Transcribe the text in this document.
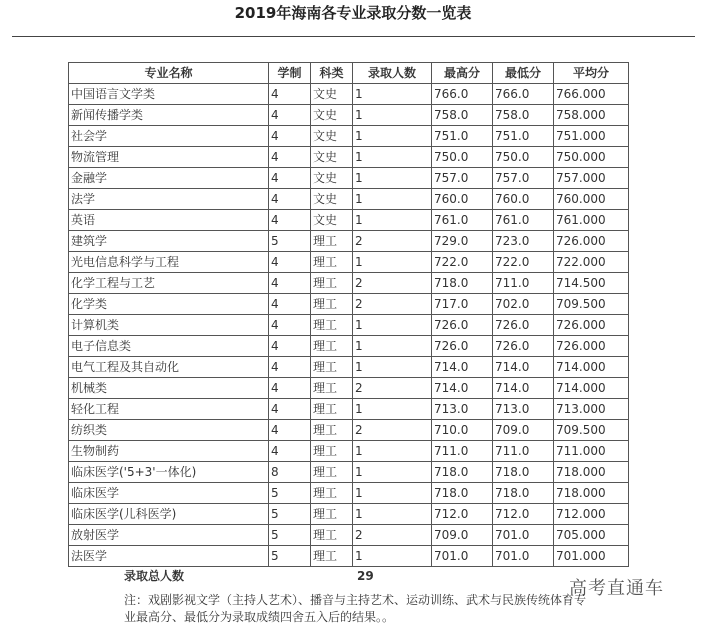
2019年海南各专业录取分数一览表
专业名称	学制	科类	录取人数	最高分	最低分	平均分
中国语言文学类	4	文史	1	766.0	766.0	766.000
新闻传播学类	4	文史	1	758.0	758.0	758.000
社会学	4	文史	1	751.0	751.0	751.000
物流管理	4	文史	1	750.0	750.0	750.000
金融学	4	文史	1	757.0	757.0	757.000
法学	4	文史	1	760.0	760.0	760.000
英语	4	文史	1	761.0	761.0	761.000
建筑学	5	理工	2	729.0	723.0	726.000
光电信息科学与工程	4	理工	1	722.0	722.0	722.000
化学工程与工艺	4	理工	2	718.0	711.0	714.500
化学类	4	理工	2	717.0	702.0	709.500
计算机类	4	理工	1	726.0	726.0	726.000
电子信息类	4	理工	1	726.0	726.0	726.000
电气工程及其自动化	4	理工	1	714.0	714.0	714.000
机械类	4	理工	2	714.0	714.0	714.000
轻化工程	4	理工	1	713.0	713.0	713.000
纺织类	4	理工	2	710.0	709.0	709.500
生物制药	4	理工	1	711.0	711.0	711.000
临床医学('5+3'一体化)	8	理工	1	718.0	718.0	718.000
临床医学	5	理工	1	718.0	718.0	718.000
临床医学(儿科医学)	5	理工	1	712.0	712.0	712.000
放射医学	5	理工	2	709.0	701.0	705.000
法医学	5	理工	1	701.0	701.0	701.000
录取总人数	29
注：戏剧影视文学（主持人艺术）、播音与主持艺术、运动训练、武术与民族传统体育专业最高分、最低分为录取成绩四舍五入后的结果。。
高考直通车
